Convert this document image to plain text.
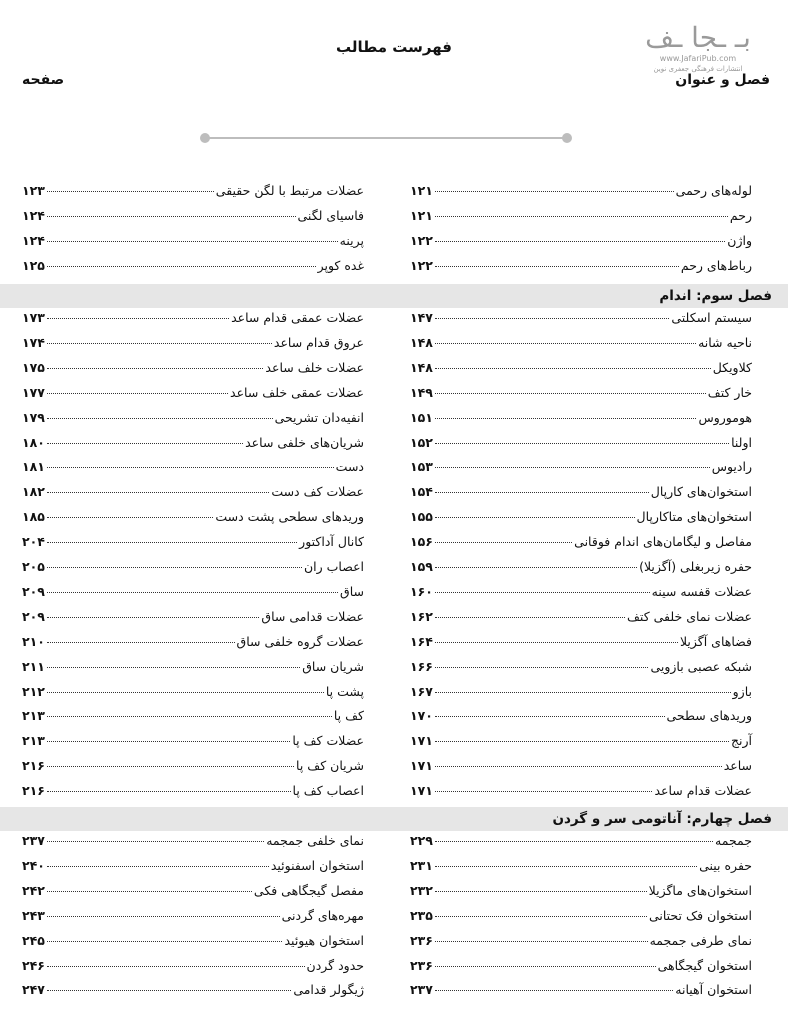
فهرست مطالب	بـ ـجا ـف
www.JafariPub.com
انتشارات فرهنگی جعفری نوین
فصل و عنوان
صفحه
لوله‌های رحمی
۱۲۱
رحم
۱۲۱
واژن
۱۲۲
رباط‌های رحم
۱۲۲
عضلات مرتبط با لگن حقیقی
۱۲۳
فاسیای لگنی
۱۲۴
پرینه
۱۲۴
غده کوپر
۱۲۵
فصل سوم: اندام
سیستم اسکلتی
۱۴۷
ناحیه شانه
۱۴۸
کلاویکل
۱۴۸
خار کتف
۱۴۹
هوموروس
۱۵۱
اولنا
۱۵۲
رادیوس
۱۵۳
استخوان‌های کارپال
۱۵۴
استخوان‌های متاکارپال
۱۵۵
مفاصل و لیگامان‌های اندام فوقانی
۱۵۶
حفره زیربغلی (آگزیلا)
۱۵۹
عضلات قفسه سینه
۱۶۰
عضلات نمای خلفی کتف
۱۶۲
فضاهای آگزیلا
۱۶۴
شبکه عصبی بازویی
۱۶۶
بازو
۱۶۷
وریدهای سطحی
۱۷۰
آرنج
۱۷۱
ساعد
۱۷۱
عضلات قدام ساعد
۱۷۱
عضلات عمقی قدام ساعد
۱۷۳
عروق قدام ساعد
۱۷۴
عضلات خلف ساعد
۱۷۵
عضلات عمقی خلف ساعد
۱۷۷
انفیه‌دان تشریحی
۱۷۹
شریان‌های خلفی ساعد
۱۸۰
دست
۱۸۱
عضلات کف دست
۱۸۲
وریدهای سطحی پشت دست
۱۸۵
کانال آداکتور
۲۰۴
اعصاب ران
۲۰۵
ساق
۲۰۹
عضلات قدامی ساق
۲۰۹
عضلات گروه خلفی ساق
۲۱۰
شریان ساق
۲۱۱
پشت پا
۲۱۲
کف پا
۲۱۳
عضلات کف پا
۲۱۳
شریان کف پا
۲۱۶
اعصاب کف پا
۲۱۶
فصل چهارم: آناتومی سر و گردن
جمجمه
۲۲۹
حفره بینی
۲۳۱
استخوان‌های ماگزیلا
۲۳۲
استخوان فک تحتانی
۲۳۵
نمای طرفی جمجمه
۲۳۶
استخوان گیجگاهی
۲۳۶
استخوان آهیانه
۲۳۷
نمای خلفی جمجمه
۲۳۷
استخوان اسفنوئید
۲۴۰
مفصل گیجگاهی فکی
۲۴۲
مهره‌های گردنی
۲۴۳
استخوان هیوئید
۲۴۵
حدود گردن
۲۴۶
ژیگولر قدامی
۲۴۷
